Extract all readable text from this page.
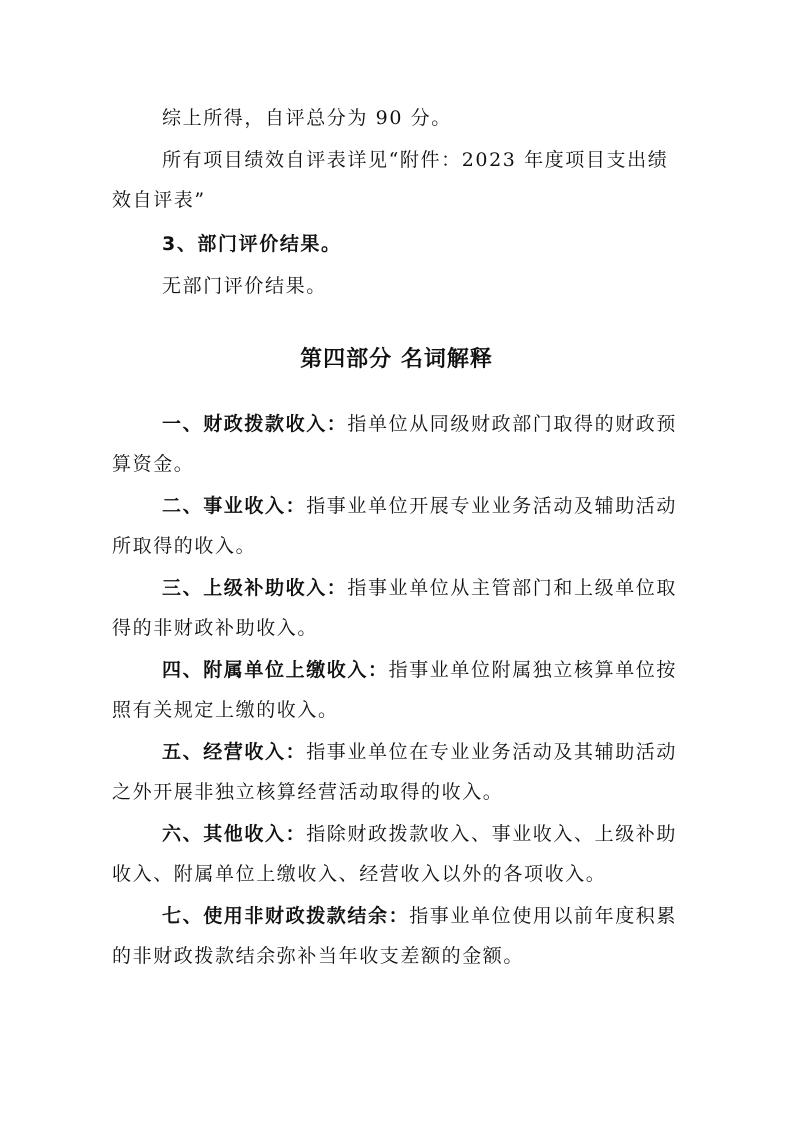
综上所得，自评总分为 90 分。

所有项目绩效自评表详见“附件：2023 年度项目支出绩效自评表”

3、部门评价结果。

无部门评价结果。

第四部分 名词解释

一、财政拨款收入：指单位从同级财政部门取得的财政预算资金。

二、事业收入：指事业单位开展专业业务活动及辅助活动所取得的收入。

三、上级补助收入：指事业单位从主管部门和上级单位取得的非财政补助收入。

四、附属单位上缴收入：指事业单位附属独立核算单位按照有关规定上缴的收入。

五、经营收入：指事业单位在专业业务活动及其辅助活动之外开展非独立核算经营活动取得的收入。

六、其他收入：指除财政拨款收入、事业收入、上级补助收入、附属单位上缴收入、经营收入以外的各项收入。

七、使用非财政拨款结余：指事业单位使用以前年度积累的非财政拨款结余弥补当年收支差额的金额。
